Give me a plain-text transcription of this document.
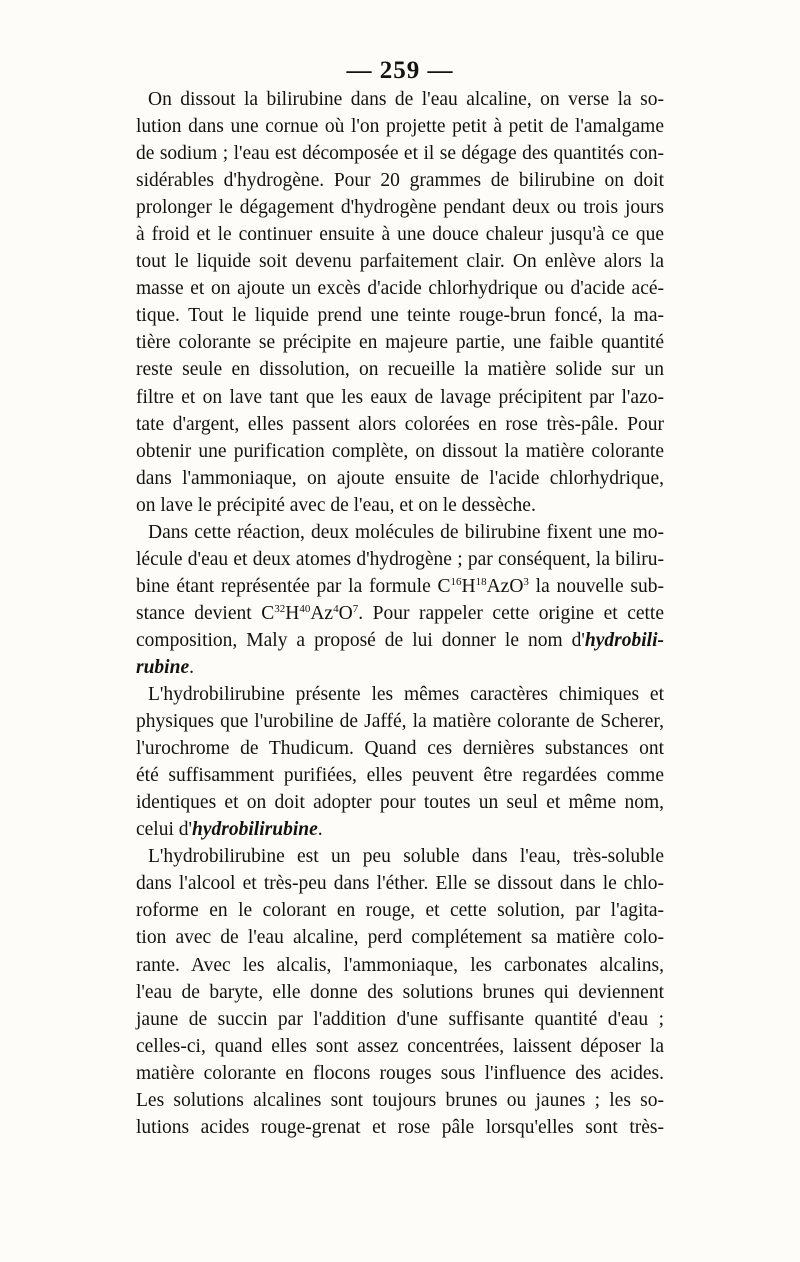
— 259 —
On dissout la bilirubine dans de l'eau alcaline, on verse la so-
lution dans une cornue où l'on projette petit à petit de l'amalgame
de sodium ; l'eau est décomposée et il se dégage des quantités con-
sidérables d'hydrogène. Pour 20 grammes de bilirubine on doit
prolonger le dégagement d'hydrogène pendant deux ou trois jours
à froid et le continuer ensuite à une douce chaleur jusqu'à ce que
tout le liquide soit devenu parfaitement clair. On enlève alors la
masse et on ajoute un excès d'acide chlorhydrique ou d'acide acé-
tique. Tout le liquide prend une teinte rouge-brun foncé, la ma-
tière colorante se précipite en majeure partie, une faible quantité
reste seule en dissolution, on recueille la matière solide sur un
filtre et on lave tant que les eaux de lavage précipitent par l'azo-
tate d'argent, elles passent alors colorées en rose très-pâle. Pour
obtenir une purification complète, on dissout la matière colorante
dans l'ammoniaque, on ajoute ensuite de l'acide chlorhydrique,
on lave le précipité avec de l'eau, et on le dessèche.
Dans cette réaction, deux molécules de bilirubine fixent une mo-
lécule d'eau et deux atomes d'hydrogène ; par conséquent, la biliru-
bine étant représentée par la formule $C^{16}H^{18}AzO^3$ la nouvelle sub-
stance devient $C^{32}H^{40}Az^4O^7$. Pour rappeler cette origine et cette
composition, Maly a proposé de lui donner le nom d'hydrobili-
rubine.
L'hydrobilirubine présente les mêmes caractères chimiques et
physiques que l'urobiline de Jaffé, la matière colorante de Scherer,
l'urochrome de Thudicum. Quand ces dernières substances ont
été suffisamment purifiées, elles peuvent être regardées comme
identiques et on doit adopter pour toutes un seul et même nom,
celui d'hydrobilirubine.
L'hydrobilirubine est un peu soluble dans l'eau, très-soluble
dans l'alcool et très-peu dans l'éther. Elle se dissout dans le chlo-
roforme en le colorant en rouge, et cette solution, par l'agita-
tion avec de l'eau alcaline, perd complétement sa matière colo-
rante. Avec les alcalis, l'ammoniaque, les carbonates alcalins,
l'eau de baryte, elle donne des solutions brunes qui deviennent
jaune de succin par l'addition d'une suffisante quantité d'eau ;
celles-ci, quand elles sont assez concentrées, laissent déposer la
matière colorante en flocons rouges sous l'influence des acides.
Les solutions alcalines sont toujours brunes ou jaunes ; les so-
lutions acides rouge-grenat et rose pâle lorsqu'elles sont très-
